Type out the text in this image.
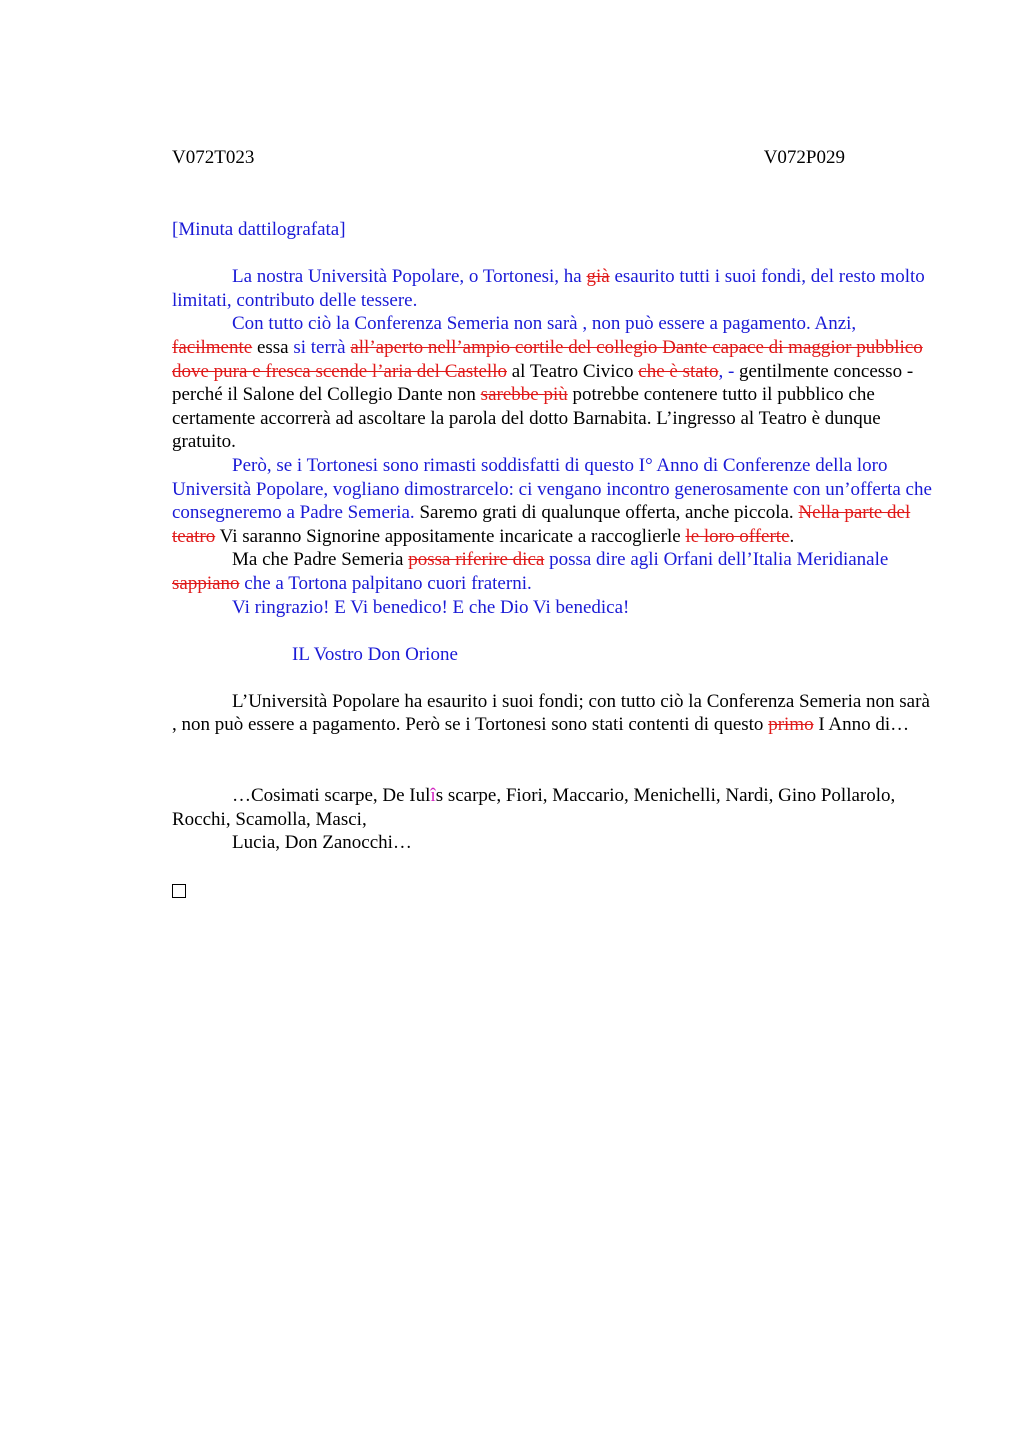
V072T023	V072P029

[Minuta dattilografata]

La nostra Università Popolare, o Tortonesi, ha già esaurito tutti i suoi fondi, del resto molto limitati, contributo delle tessere.

Con tutto ciò la Conferenza Semeria non sarà , non può essere a pagamento. Anzi, facilmente essa si terrà all’aperto nell’ampio cortile del collegio Dante capace di maggior pubblico dove pura e fresca scende l’aria del Castello al Teatro Civico che è stato, - gentilmente concesso - perché il Salone del Collegio Dante non sarebbe più potrebbe contenere tutto il pubblico che certamente accorrerà ad ascoltare la parola del dotto Barnabita. L’ingresso al Teatro è dunque gratuito.

Però, se i Tortonesi sono rimasti soddisfatti di questo I° Anno di Conferenze della loro Università Popolare, vogliano dimostrarcelo: ci vengano incontro generosamente con un’offerta che consegneremo a Padre Semeria. Saremo grati di qualunque offerta, anche piccola. Nella parte del teatro Vi saranno Signorine appositamente incaricate a raccoglierle le loro offerte.

Ma che Padre Semeria possa riferire dica possa dire agli Orfani dell’Italia Meridianale sappiano che a Tortona palpitano cuori fraterni.

Vi ringrazio! E Vi benedico! E che Dio Vi benedica!

IL Vostro Don Orione

L’Università Popolare ha esaurito i suoi fondi; con tutto ciò la Conferenza Semeria non sarà , non può essere a pagamento. Però se i Tortonesi sono stati contenti di questo primo I Anno di…

…Cosimati scarpe, De Iulîs scarpe, Fiori, Maccario, Menichelli, Nardi, Gino Pollarolo, Rocchi, Scamolla, Masci,

Lucia, Don Zanocchi…
